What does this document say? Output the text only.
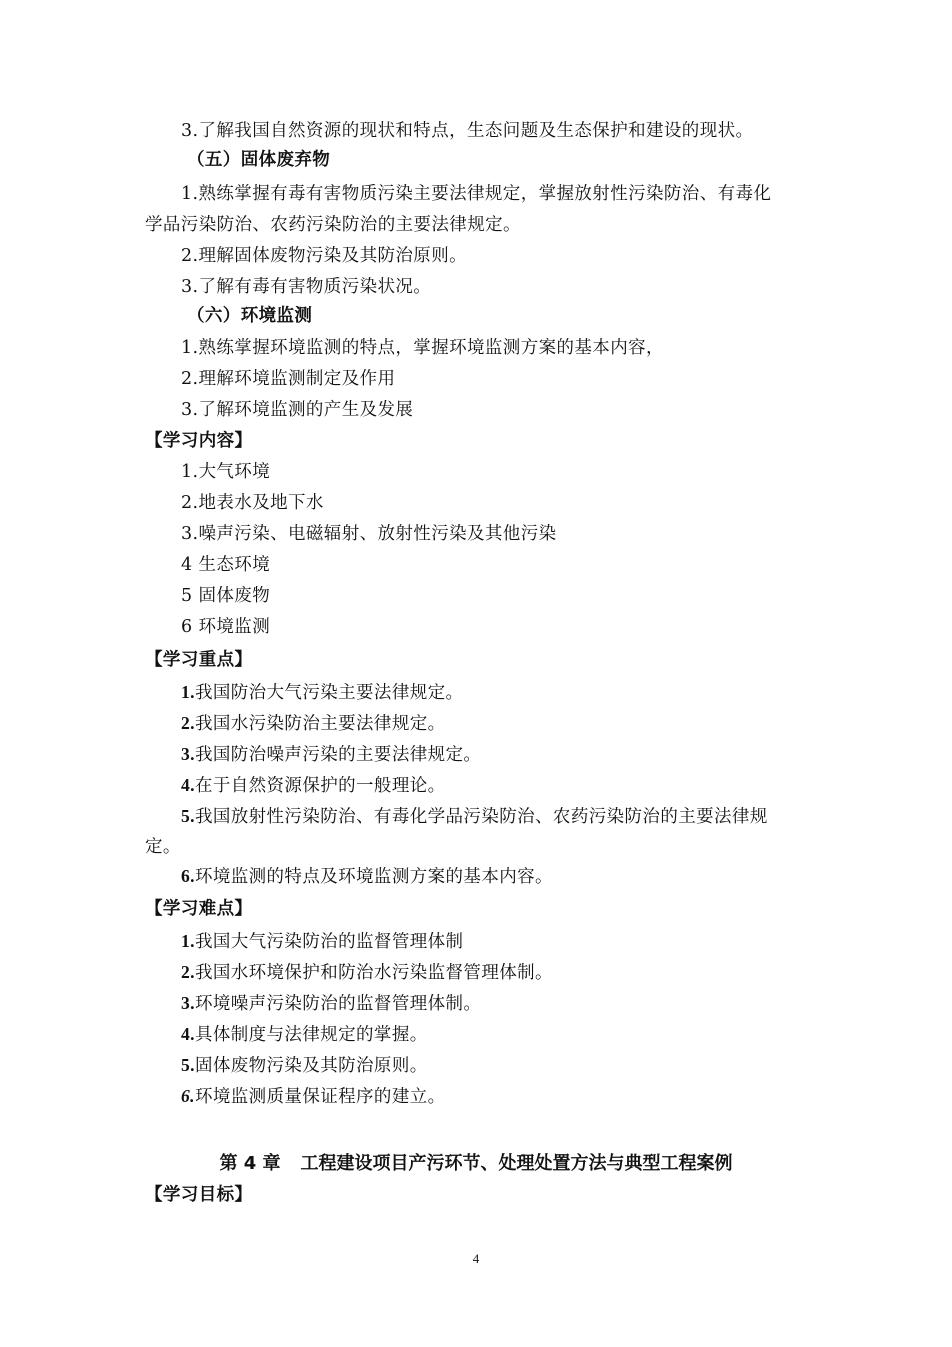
3.了解我国自然资源的现状和特点，生态问题及生态保护和建设的现状。
（五）固体废弃物
1.熟练掌握有毒有害物质污染主要法律规定，掌握放射性污染防治、有毒化
学品污染防治、农药污染防治的主要法律规定。
2.理解固体废物污染及其防治原则。
3.了解有毒有害物质污染状况。
（六）环境监测
1.熟练掌握环境监测的特点，掌握环境监测方案的基本内容，
2.理解环境监测制定及作用
3.了解环境监测的产生及发展
【学习内容】
1.大气环境
2.地表水及地下水
3.噪声污染、电磁辐射、放射性污染及其他污染
4 生态环境
5 固体废物
6 环境监测
【学习重点】
1.我国防治大气污染主要法律规定。
2.我国水污染防治主要法律规定。
3.我国防治噪声污染的主要法律规定。
4.在于自然资源保护的一般理论。
5.我国放射性污染防治、有毒化学品污染防治、农药污染防治的主要法律规
定。
6.环境监测的特点及环境监测方案的基本内容。
【学习难点】
1.我国大气污染防治的监督管理体制
2.我国水环境保护和防治水污染监督管理体制。
3.环境噪声污染防治的监督管理体制。
4.具体制度与法律规定的掌握。
5.固体废物污染及其防治原则。
6.环境监测质量保证程序的建立。
第 4 章 工程建设项目产污环节、处理处置方法与典型工程案例
【学习目标】
4
